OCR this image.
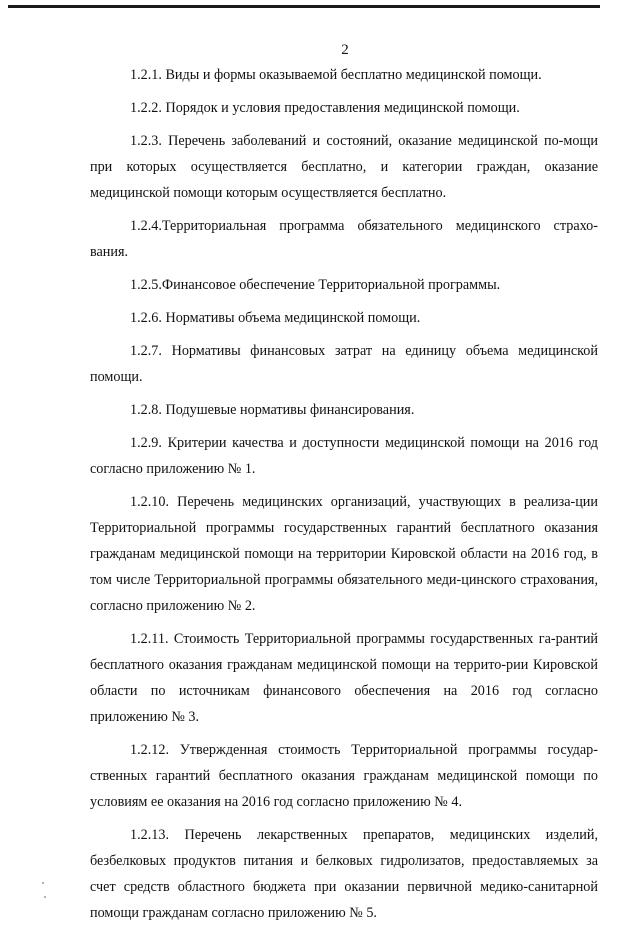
2

1.2.1. Виды и формы оказываемой бесплатно медицинской помощи.

1.2.2. Порядок и условия предоставления медицинской помощи.

1.2.3. Перечень заболеваний и состояний, оказание медицинской по-мощи при которых осуществляется бесплатно, и категории граждан, оказание медицинской помощи которым осуществляется бесплатно.

1.2.4.Территориальная программа обязательного медицинского страхо-вания.

1.2.5.Финансовое обеспечение Территориальной программы.

1.2.6. Нормативы объема медицинской помощи.

1.2.7. Нормативы финансовых затрат на единицу объема медицинской помощи.

1.2.8. Подушевые нормативы финансирования.

1.2.9. Критерии качества и доступности медицинской помощи на 2016 год согласно приложению № 1.

1.2.10. Перечень медицинских организаций, участвующих в реализа-ции Территориальной программы государственных гарантий бесплатного оказания гражданам медицинской помощи на территории Кировской области на 2016 год, в том числе Территориальной программы обязательного меди-цинского страхования, согласно приложению № 2.

1.2.11. Стоимость Территориальной программы государственных га-рантий бесплатного оказания гражданам медицинской помощи на террито-рии Кировской области по источникам финансового обеспечения на 2016 год согласно приложению № 3.

1.2.12. Утвержденная стоимость Территориальной программы государ-ственных гарантий бесплатного оказания гражданам медицинской помощи по условиям ее оказания на 2016 год согласно приложению № 4.

1.2.13. Перечень лекарственных препаратов, медицинских изделий, безбелковых продуктов питания и белковых гидролизатов, предоставляемых за счет средств областного бюджета при оказании первичной медико-санитарной помощи гражданам согласно приложению № 5.
